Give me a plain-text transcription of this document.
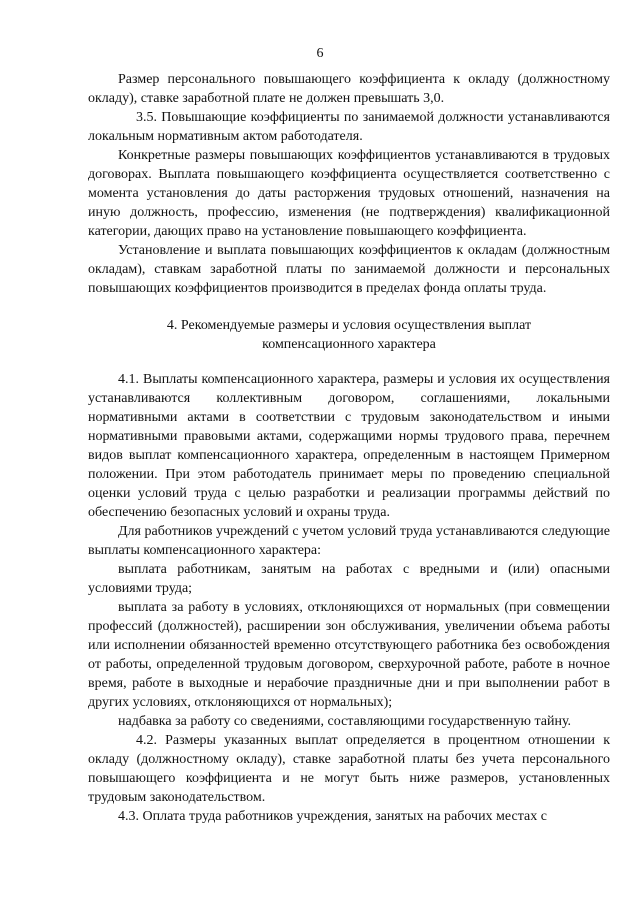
6

Размер персонального повышающего коэффициента к окладу (должностному окладу), ставке заработной плате не должен превышать 3,0.

3.5. Повышающие коэффициенты по занимаемой должности устанавливаются локальным нормативным актом работодателя.

Конкретные размеры повышающих коэффициентов устанавливаются в трудовых договорах. Выплата повышающего коэффициента осуществляется соответственно с момента установления до даты расторжения трудовых отношений, назначения на иную должность, профессию, изменения (не подтверждения) квалификационной категории, дающих право на установление повышающего коэффициента.

Установление и выплата повышающих коэффициентов к окладам (должностным окладам), ставкам заработной платы по занимаемой должности и персональных повышающих коэффициентов производится в пределах фонда оплаты труда.

4. Рекомендуемые размеры и условия осуществления выплат
компенсационного характера

4.1. Выплаты компенсационного характера, размеры и условия их осуществления устанавливаются коллективным договором, соглашениями, локальными нормативными актами в соответствии с трудовым законодательством и иными нормативными правовыми актами, содержащими нормы трудового права, перечнем видов выплат компенсационного характера, определенным в настоящем Примерном положении. При этом работодатель принимает меры по проведению специальной оценки условий труда с целью разработки и реализации программы действий по обеспечению безопасных условий и охраны труда.

Для работников учреждений с учетом условий труда устанавливаются следующие выплаты компенсационного характера:

выплата работникам, занятым на работах с вредными и (или) опасными условиями труда;

выплата за работу в условиях, отклоняющихся от нормальных (при совмещении профессий (должностей), расширении зон обслуживания, увеличении объема работы или исполнении обязанностей временно отсутствующего работника без освобождения от работы, определенной трудовым договором, сверхурочной работе, работе в ночное время, работе в выходные и нерабочие праздничные дни и при выполнении работ в других условиях, отклоняющихся от нормальных);

надбавка за работу со сведениями, составляющими государственную тайну.

4.2. Размеры указанных выплат определяется в процентном отношении к окладу (должностному окладу), ставке заработной платы без учета персонального повышающего коэффициента и не могут быть ниже размеров, установленных трудовым законодательством.

4.3. Оплата труда работников учреждения, занятых на рабочих местах с
